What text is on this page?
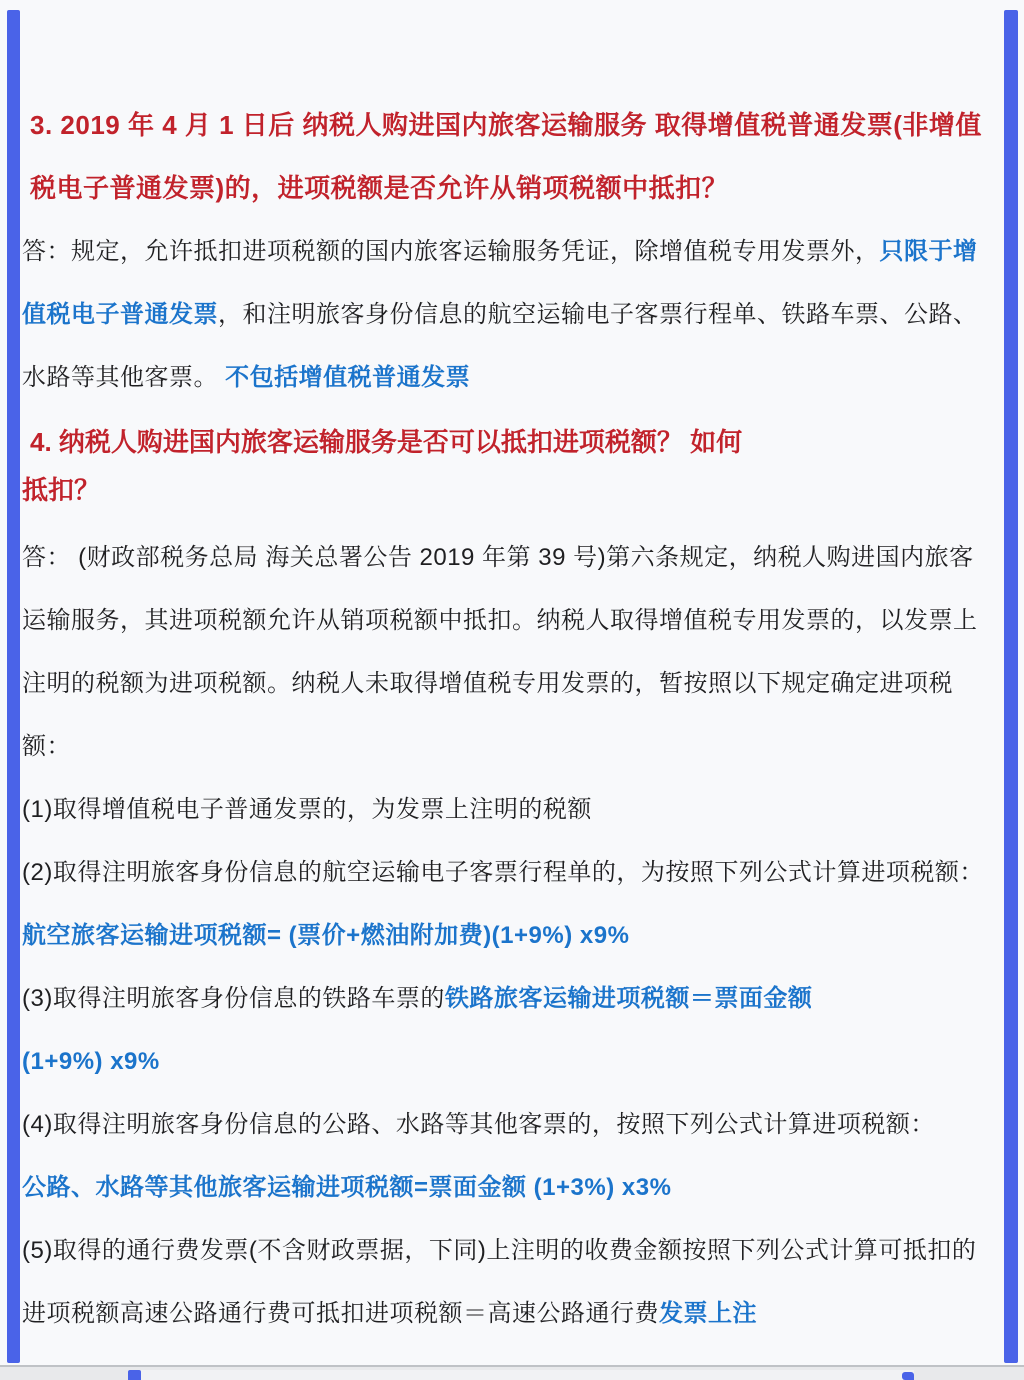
3. 2019 年 4 月 1 日后 纳税人购进国内旅客运输服务 取得增值税普通发票(非增值税电子普通发票)的，进项税额是否允许从销项税额中抵扣？
答：规定，允许抵扣进项税额的国内旅客运输服务凭证，除增值税专用发票外，只限于增值税电子普通发票，和注明旅客身份信息的航空运输电子客票行程单、铁路车票、公路、水路等其他客票。 不包括增值税普通发票
4. 纳税人购进国内旅客运输服务是否可以抵扣进项税额？ 如何
抵扣？
答： (财政部税务总局 海关总署公告 2019 年第 39 号)第六条规定，纳税人购进国内旅客运输服务，其进项税额允许从销项税额中抵扣。纳税人取得增值税专用发票的，以发票上注明的税额为进项税额。纳税人未取得增值税专用发票的，暂按照以下规定确定进项税额：
(1)取得增值税电子普通发票的，为发票上注明的税额
(2)取得注明旅客身份信息的航空运输电子客票行程单的，为按照下列公式计算进项税额：
航空旅客运输进项税额= (票价+燃油附加费)(1+9%) x9%
(3)取得注明旅客身份信息的铁路车票的铁路旅客运输进项税额＝票面金额
(1+9%) x9%
(4)取得注明旅客身份信息的公路、水路等其他客票的，按照下列公式计算进项税额：
公路、水路等其他旅客运输进项税额=票面金额 (1+3%) x3%
(5)取得的通行费发票(不含财政票据，下同)上注明的收费金额按照下列公式计算可抵扣的进项税额高速公路通行费可抵扣进项税额＝高速公路通行费发票上注
